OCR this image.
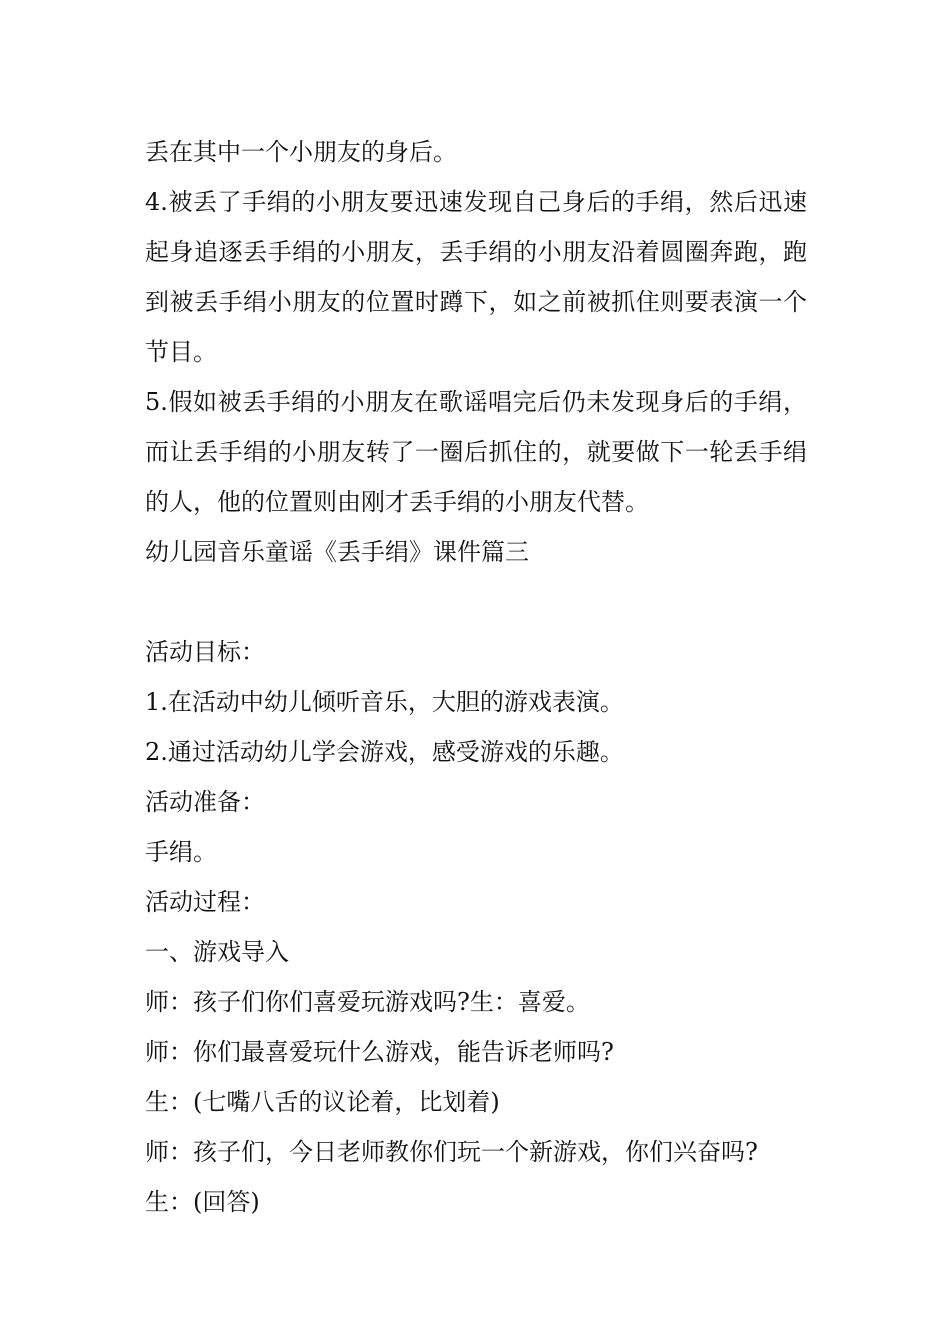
丢在其中一个小朋友的身后。
4.被丢了手绢的小朋友要迅速发现自己身后的手绢，然后迅速起身追逐丢手绢的小朋友，丢手绢的小朋友沿着圆圈奔跑，跑到被丢手绢小朋友的位置时蹲下，如之前被抓住则要表演一个节目。
5.假如被丢手绢的小朋友在歌谣唱完后仍未发现身后的手绢，而让丢手绢的小朋友转了一圈后抓住的，就要做下一轮丢手绢的人，他的位置则由刚才丢手绢的小朋友代替。
幼儿园音乐童谣《丢手绢》课件篇三
活动目标：
1.在活动中幼儿倾听音乐，大胆的游戏表演。
2.通过活动幼儿学会游戏，感受游戏的乐趣。
活动准备：
手绢。
活动过程：
一、游戏导入
师：孩子们你们喜爱玩游戏吗?生：喜爱。
师：你们最喜爱玩什么游戏，能告诉老师吗?
生：(七嘴八舌的议论着，比划着)
师：孩子们，今日老师教你们玩一个新游戏，你们兴奋吗?
生：(回答)
